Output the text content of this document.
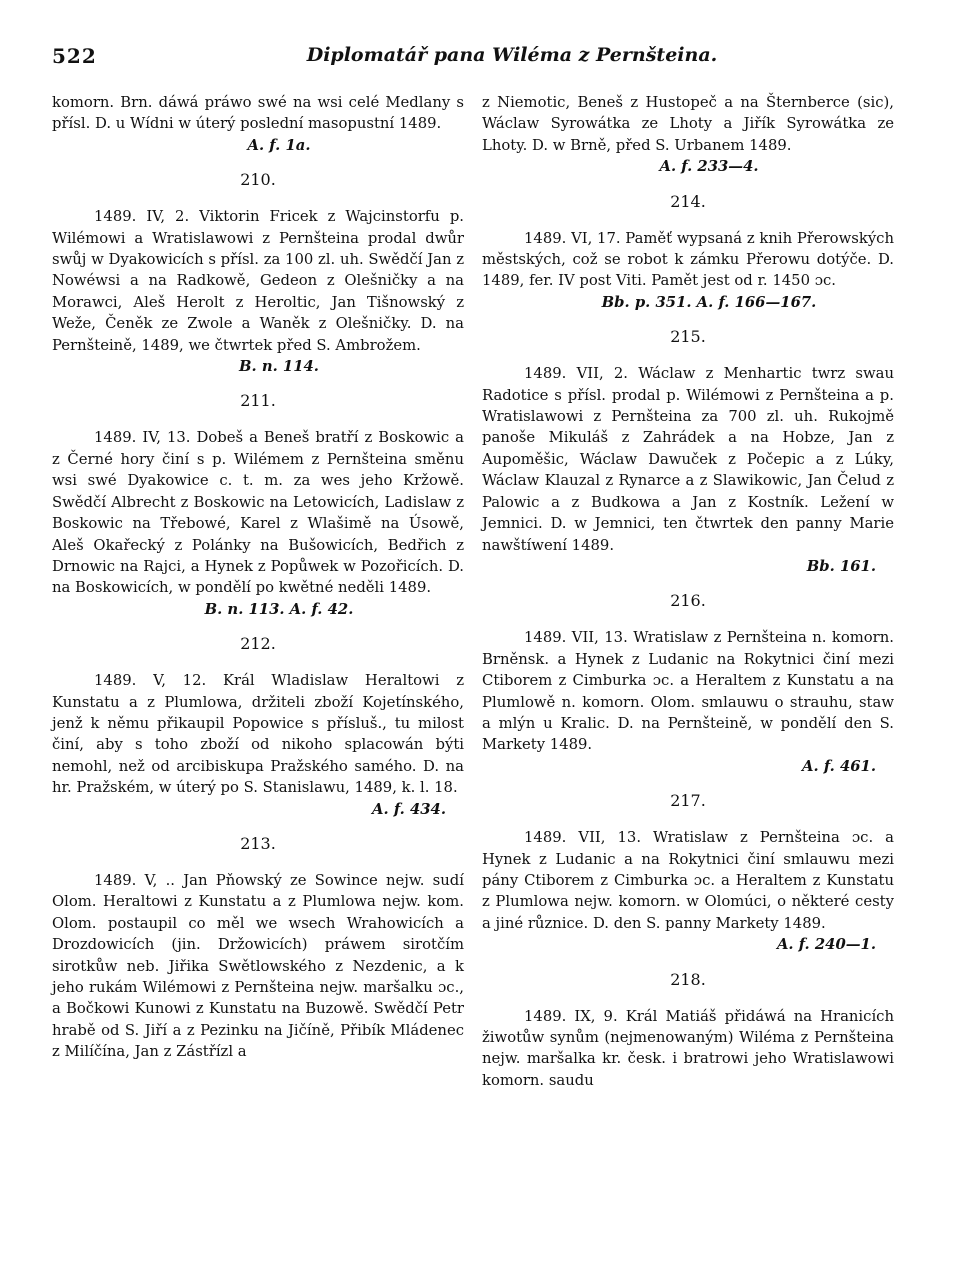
522	Diplomatář pana Wiléma z Pernšteina.

komorn. Brn. dáwá práwo swé na wsi celé Medlany s přísl. D. u Wídni w úterý poslední masopustní 1489.

A. f. 1a.

210.

1489. IV, 2. Viktorin Fricek z Wajcinstorfu p. Wilémowi a Wratislawowi z Pernšteina prodal dwůr swůj w Dyakowicích s přísl. za 100 zl. uh. Swědčí Jan z Nowéwsi a na Radkowě, Gedeon z Olešničky a na Morawci, Aleš Herolt z Heroltic, Jan Tišnowský z Weže, Čeněk ze Zwole a Waněk z Olešničky. D. na Pernšteině, 1489, we čtwrtek před S. Ambrožem.

B. n. 114.

211.

1489. IV, 13. Dobeš a Beneš bratří z Boskowic a z Černé hory činí s p. Wilémem z Pernšteina směnu wsi swé Dyakowice c. t. m. za wes jeho Kržowě. Swědčí Albrecht z Boskowic na Letowicích, Ladislaw z Boskowic na Třebowé, Karel z Wlašimě na Úsowě, Aleš Okařecký z Polánky na Bušowicích, Bedřich z Drnowic na Rajci, a Hynek z Popůwek w Pozořicích. D. na Boskowicích, w pondělí po kwětné neděli 1489.

B. n. 113. A. f. 42.

212.

1489. V, 12. Král Wladislaw Heraltowi z Kunstatu a z Plumlowa, držiteli zboží Kojetínského, jenž k němu přikaupil Popowice s přísluš., tu milost činí, aby s toho zboží od nikoho splacowán býti nemohl, než od arcibiskupa Pražského samého. D. na hr. Pražském, w úterý po S. Stanislawu, 1489, k. l. 18.

A. f. 434.

213.

1489. V, .. Jan Pňowský ze Sowince nejw. sudí Olom. Heraltowi z Kunstatu a z Plumlowa nejw. kom. Olom. postaupil co měl we wsech Wrahowicích a Drozdowicích (jin. Držowicích) práwem sirotčím sirotkůw neb. Jiřika Swětlowského z Nezdenic, a k jeho rukám Wilémowi z Pernšteina nejw. maršalku ɔc., a Bočkowi Kunowi z Kunstatu na Buzowě. Swědčí Petr hrabě od S. Jiří a z Pezinku na Jičíně, Přibík Mládenec z Milíčína, Jan z Zástřízl a

z Niemotic, Beneš z Hustopeč a na Šternberce (sic), Wáclaw Syrowátka ze Lhoty a Jiřík Syrowátka ze Lhoty. D. w Brně, před S. Urbanem 1489.

A. f. 233—4.

214.

1489. VI, 17. Paměť wypsaná z knih Přerowských městských, což se robot k zámku Přerowu dotýče. D. 1489, fer. IV post Viti. Pamět jest od r. 1450 ɔc.

Bb. p. 351. A. f. 166—167.

215.

1489. VII, 2. Wáclaw z Menhartic twrz swau Radotice s přísl. prodal p. Wilémowi z Pernšteina a p. Wratislawowi z Pernšteina za 700 zl. uh. Rukojmě panoše Mikuláš z Zahrádek a na Hobze, Jan z Aupoměšic, Wáclaw Dawuček z Počepic a z Lúky, Wáclaw Klauzal z Rynarce a z Slawikowic, Jan Čelud z Palowic a z Budkowa a Jan z Kostník. Ležení w Jemnici. D. w Jemnici, ten čtwrtek den panny Marie nawštíwení 1489.

Bb. 161.

216.

1489. VII, 13. Wratislaw z Pernšteina n. komorn. Brněnsk. a Hynek z Ludanic na Rokytnici činí mezi Ctiborem z Cimburka ɔc. a Heraltem z Kunstatu a na Plumlowě n. komorn. Olom. smlauwu o strauhu, staw a mlýn u Kralic. D. na Pernšteině, w pondělí den S. Markety 1489.

A. f. 461.

217.

1489. VII, 13. Wratislaw z Pernšteina ɔc. a Hynek z Ludanic a na Rokytnici činí smlauwu mezi pány Ctiborem z Cimburka ɔc. a Heraltem z Kunstatu z Plumlowa nejw. komorn. w Olomúci, o některé cesty a jiné různice. D. den S. panny Markety 1489.

A. f. 240—1.

218.

1489. IX, 9. Král Matiáš přidáwá na Hranicích žiwotůw synům (nejmenowaným) Wiléma z Pernšteina nejw. maršalka kr. česk. i bratrowi jeho Wratislawowi komorn. saudu
